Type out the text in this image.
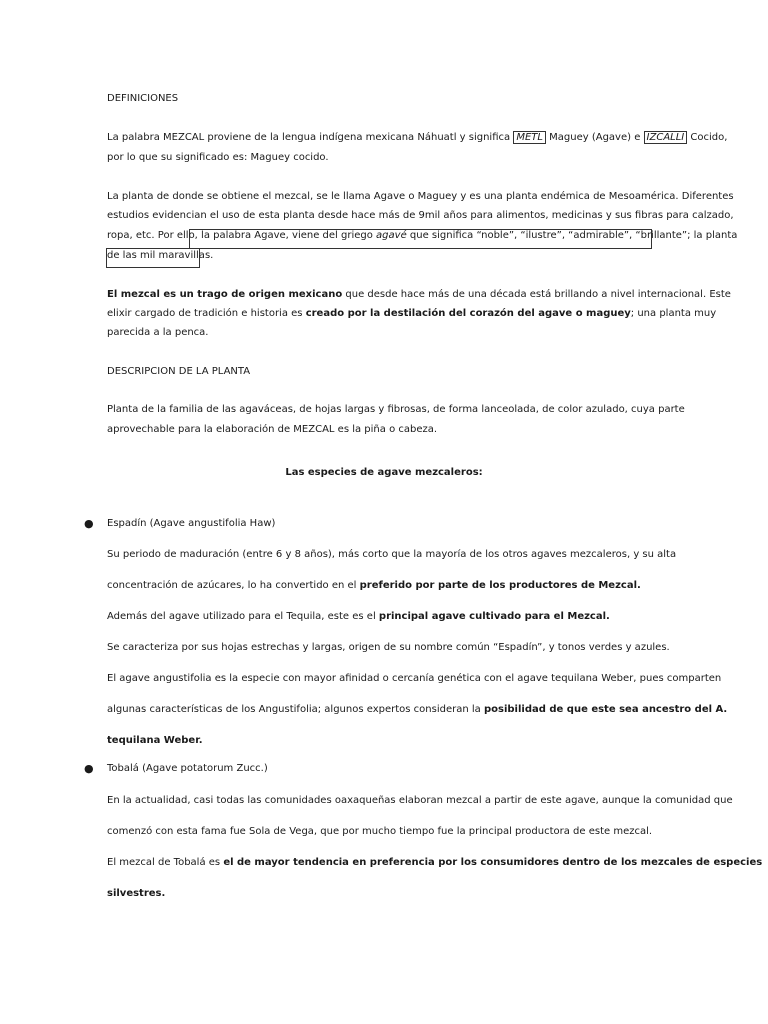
DEFINICIONES

La palabra MEZCAL proviene de la lengua indígena mexicana Náhuatl y significa METL Maguey (Agave) e IZCALLI Cocido,

por lo que su significado es: Maguey cocido.

La planta de donde se obtiene el mezcal, se le llama Agave o Maguey y es una planta endémica de Mesoamérica. Diferentes

estudios evidencian el uso de esta planta desde hace más de 9mil años para alimentos, medicinas y sus fibras para calzado,

ropa, etc. Por ello, la palabra Agave, viene del griego agavé que significa “noble”, “ilustre”, “admirable”, “brillante”; la planta

de las mil maravillas.

El mezcal es un trago de origen mexicano que desde hace más de una década está brillando a nivel internacional. Este

elixir cargado de tradición e historia es creado por la destilación del corazón del agave o maguey; una planta muy

parecida a la penca.

DESCRIPCION DE LA PLANTA

Planta de la familia de las agaváceas, de hojas largas y fibrosas, de forma lanceolada, de color azulado, cuya parte

aprovechable para la elaboración de MEZCAL es la piña o cabeza.

Las especies de agave mezcaleros:

● Espadín (Agave angustifolia Haw)

Su periodo de maduración (entre 6 y 8 años), más corto que la mayoría de los otros agaves mezcaleros, y su alta

concentración de azúcares, lo ha convertido en el preferido por parte de los productores de Mezcal.

Además del agave utilizado para el Tequila, este es el principal agave cultivado para el Mezcal.

Se caracteriza por sus hojas estrechas y largas, origen de su nombre común “Espadín”, y tonos verdes y azules.

El agave angustifolia es la especie con mayor afinidad o cercanía genética con el agave tequilana Weber, pues comparten

algunas características de los Angustifolia; algunos expertos consideran la posibilidad de que este sea ancestro del A.

tequilana Weber.

● Tobalá (Agave potatorum Zucc.)

En la actualidad, casi todas las comunidades oaxaqueñas elaboran mezcal a partir de este agave, aunque la comunidad que

comenzó con esta fama fue Sola de Vega, que por mucho tiempo fue la principal productora de este mezcal.

El mezcal de Tobalá es el de mayor tendencia en preferencia por los consumidores dentro de los mezcales de especies

silvestres.
